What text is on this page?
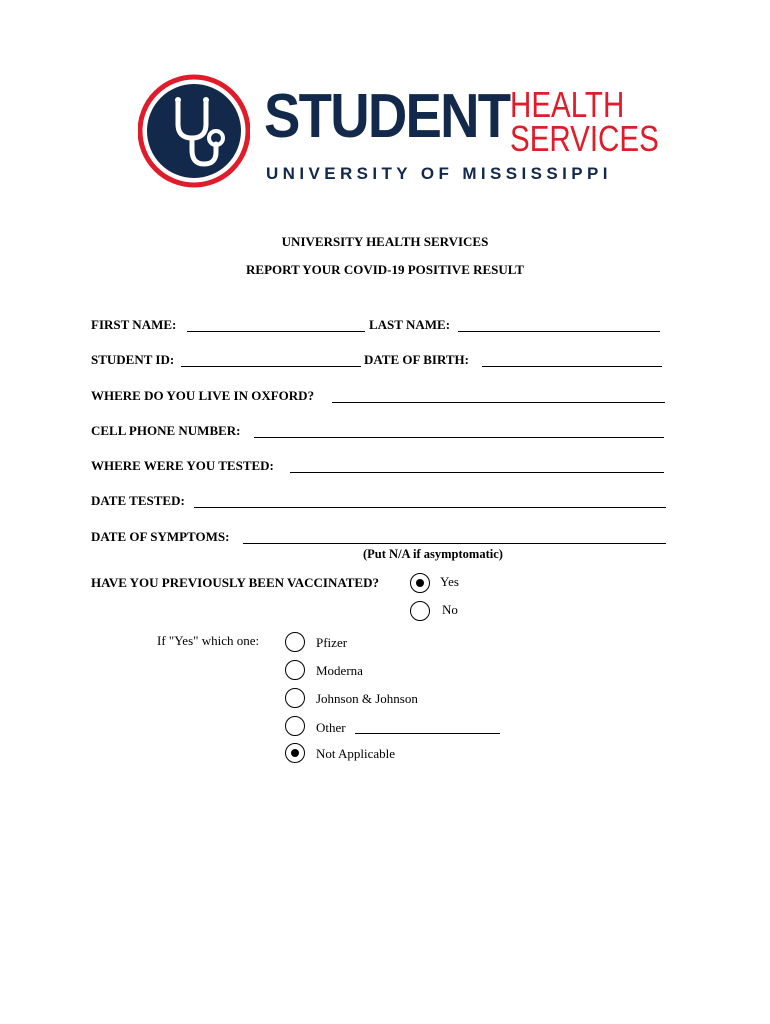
STUDENT HEALTH
SERVICES
UNIVERSITY OF MISSISSIPPI
UNIVERSITY HEALTH SERVICES
REPORT YOUR COVID-19 POSITIVE RESULT
FIRST NAME:	LAST NAME:
STUDENT ID:	DATE OF BIRTH:
WHERE DO YOU LIVE IN OXFORD?
CELL PHONE NUMBER:
WHERE WERE YOU TESTED:
DATE TESTED:
DATE OF SYMPTOMS:
(Put N/A if asymptomatic)
HAVE YOU PREVIOUSLY BEEN VACCINATED?	Yes
No
If "Yes" which one:	Pfizer
Moderna
Johnson & Johnson
Other
Not Applicable
